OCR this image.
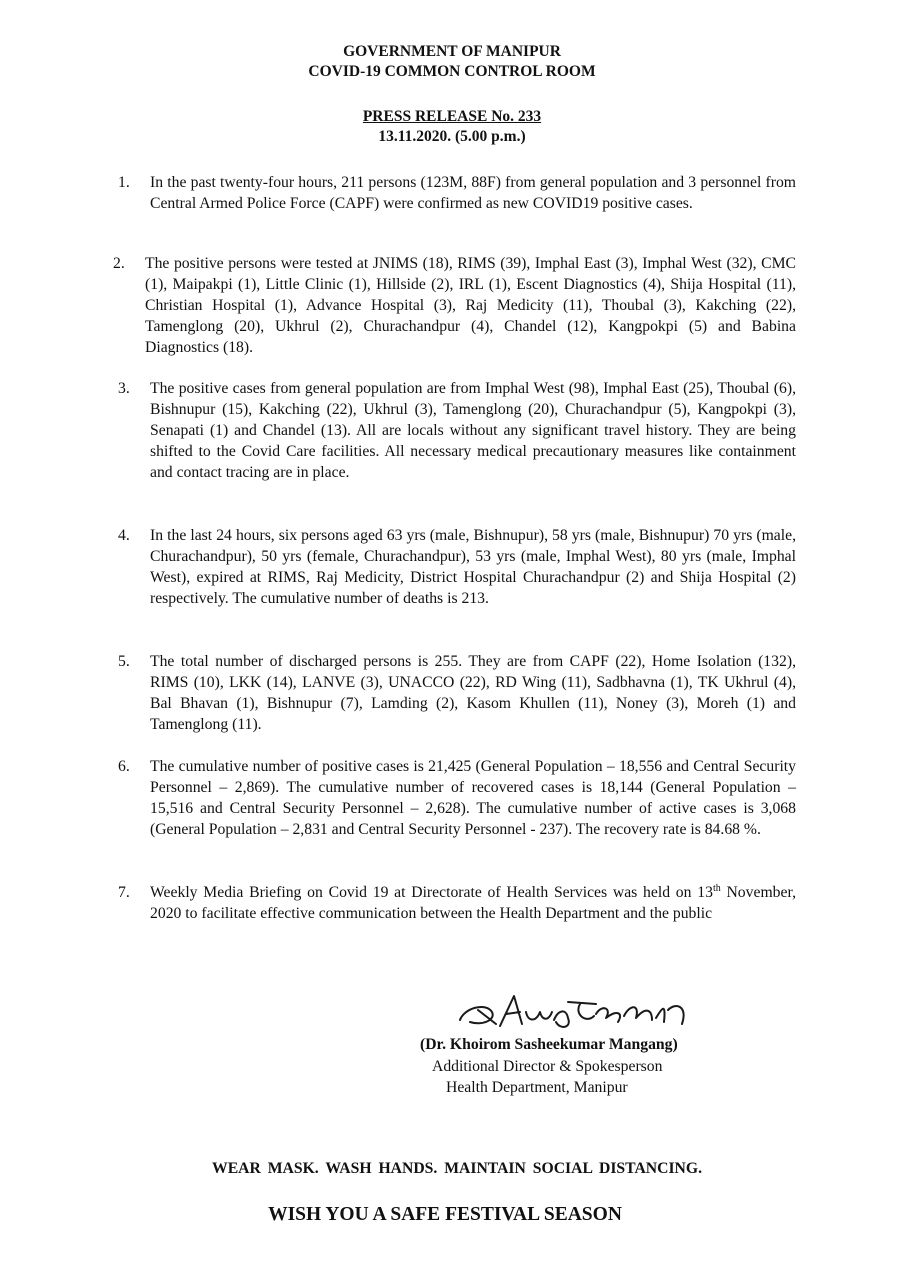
GOVERNMENT OF MANIPUR
COVID-19 COMMON CONTROL ROOM
PRESS RELEASE No. 233
13.11.2020. (5.00 p.m.)
1. In the past twenty-four hours, 211 persons (123M, 88F) from general population and 3 personnel from Central Armed Police Force (CAPF) were confirmed as new COVID19 positive cases.
2. The positive persons were tested at JNIMS (18), RIMS (39), Imphal East (3), Imphal West (32), CMC (1), Maipakpi (1), Little Clinic (1), Hillside (2), IRL (1), Escent Diagnostics (4), Shija Hospital (11), Christian Hospital (1), Advance Hospital (3), Raj Medicity (11), Thoubal (3), Kakching (22), Tamenglong (20), Ukhrul (2), Churachandpur (4), Chandel (12), Kangpokpi (5) and Babina Diagnostics (18).
3. The positive cases from general population are from Imphal West (98), Imphal East (25), Thoubal (6), Bishnupur (15), Kakching (22), Ukhrul (3), Tamenglong (20), Churachandpur (5), Kangpokpi (3), Senapati (1) and Chandel (13). All are locals without any significant travel history. They are being shifted to the Covid Care facilities. All necessary medical precautionary measures like containment and contact tracing are in place.
4. In the last 24 hours, six persons aged 63 yrs (male, Bishnupur), 58 yrs (male, Bishnupur) 70 yrs (male, Churachandpur), 50 yrs (female, Churachandpur), 53 yrs (male, Imphal West), 80 yrs (male, Imphal West), expired at RIMS, Raj Medicity, District Hospital Churachandpur (2) and Shija Hospital (2) respectively. The cumulative number of deaths is 213.
5. The total number of discharged persons is 255. They are from CAPF (22), Home Isolation (132), RIMS (10), LKK (14), LANVE (3), UNACCO (22), RD Wing (11), Sadbhavna (1), TK Ukhrul (4), Bal Bhavan (1), Bishnupur (7), Lamding (2), Kasom Khullen (11), Noney (3), Moreh (1) and Tamenglong (11).
6. The cumulative number of positive cases is 21,425 (General Population – 18,556 and Central Security Personnel – 2,869). The cumulative number of recovered cases is 18,144 (General Population – 15,516 and Central Security Personnel – 2,628). The cumulative number of active cases is 3,068 (General Population – 2,831 and Central Security Personnel - 237). The recovery rate is 84.68 %.
7. Weekly Media Briefing on Covid 19 at Directorate of Health Services was held on 13th November, 2020 to facilitate effective communication between the Health Department and the public
(Dr. Khoirom Sasheekumar Mangang)
Additional Director & Spokesperson
Health Department, Manipur
WEAR MASK. WASH HANDS. MAINTAIN SOCIAL DISTANCING.
WISH YOU A SAFE FESTIVAL SEASON
